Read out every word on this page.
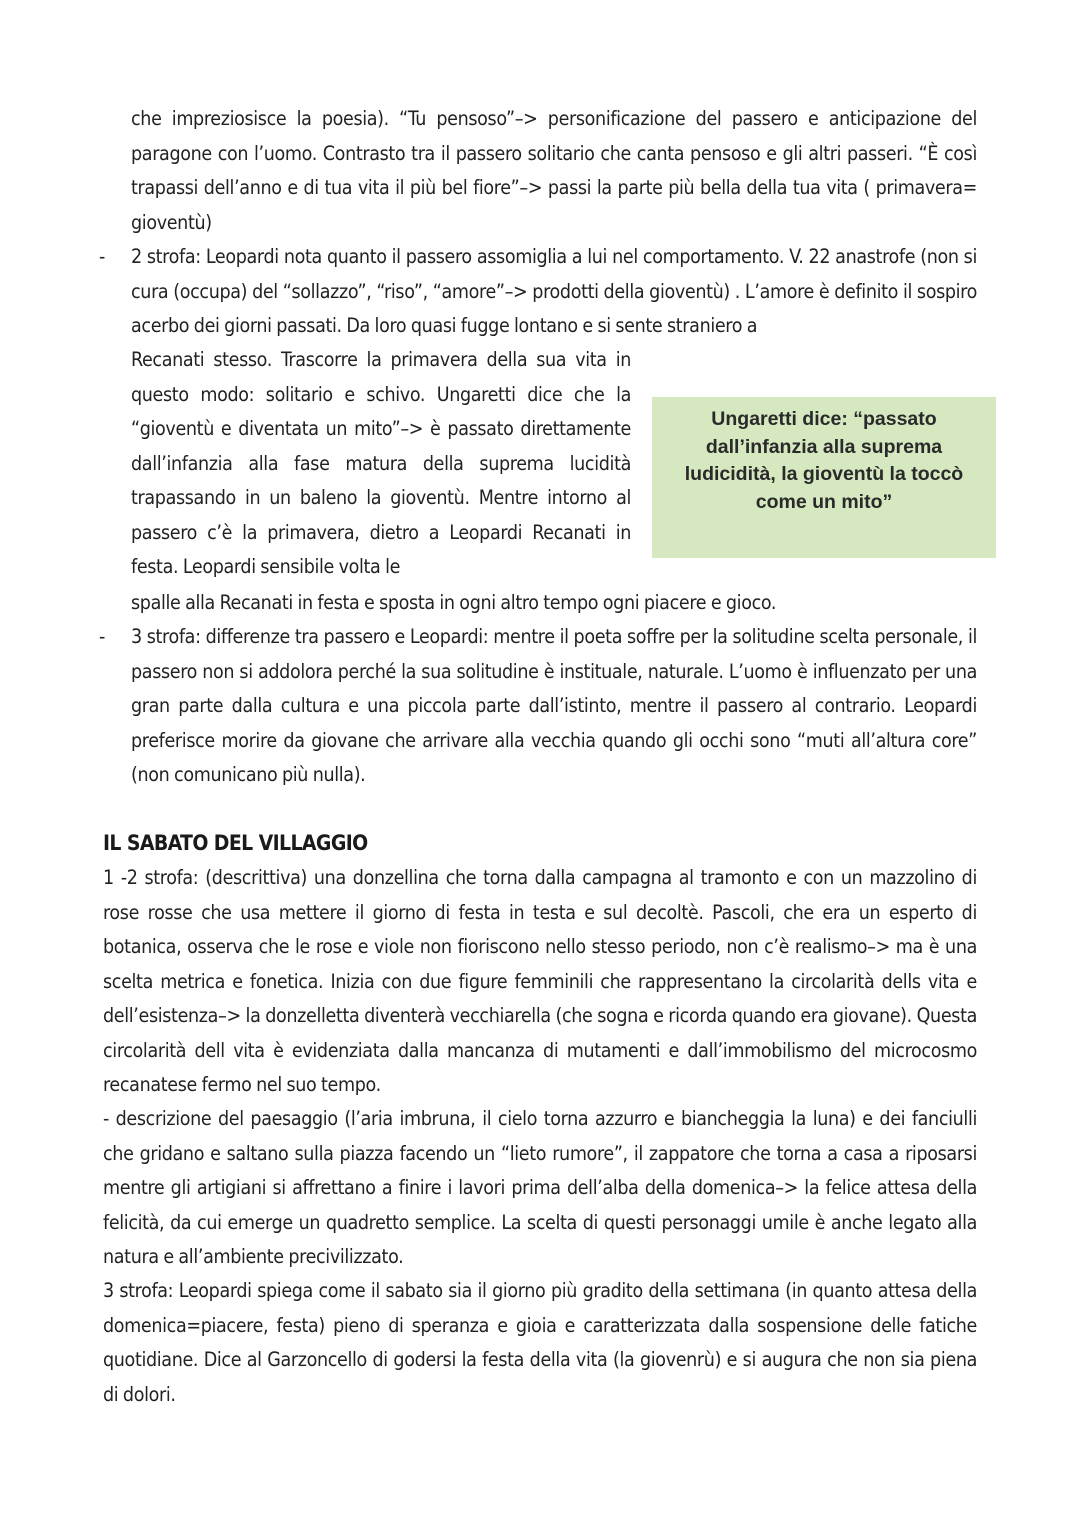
che impreziosisce la poesia). “Tu pensoso”–> personificazione del passero e anticipazione del paragone con l’uomo. Contrasto tra il passero solitario che canta pensoso e gli altri passeri. “È così trapassi dell’anno e di tua vita il più bel fiore”–> passi la parte più bella della tua vita ( primavera= gioventù)
- 2 strofa: Leopardi nota quanto il passero assomiglia a lui nel comportamento. V. 22 anastrofe (non si cura (occupa) del “sollazzo”, “riso”, “amore”–> prodotti della gioventù) . L’amore è definito il sospiro acerbo dei giorni passati. Da loro quasi fugge lontano e si sente straniero a
Recanati stesso. Trascorre la primavera della sua vita in questo modo: solitario e schivo. Ungaretti dice che la “gioventù e diventata un mito”–> è passato direttamente dall’infanzia alla fase matura della suprema lucidità trapassando in un baleno la gioventù. Mentre intorno al passero c’è la primavera, dietro a Leopardi Recanati in festa. Leopardi sensibile volta le
spalle alla Recanati in festa e sposta in ogni altro tempo ogni piacere e gioco.
Ungaretti dice: “passato dall’infanzia alla suprema ludicidità, la gioventù la toccò come un mito”
- 3 strofa: differenze tra passero e Leopardi: mentre il poeta soffre per la solitudine scelta personale, il passero non si addolora perché la sua solitudine è instituale, naturale. L’uomo è influenzato per una gran parte dalla cultura e una piccola parte dall’istinto, mentre il passero al contrario. Leopardi preferisce morire da giovane che arrivare alla vecchia quando gli occhi sono “muti all’altura core” (non comunicano più nulla).
IL SABATO DEL VILLAGGIO
1 -2 strofa: (descrittiva) una donzellina che torna dalla campagna al tramonto e con un mazzolino di rose rosse che usa mettere il giorno di festa in testa e sul decoltè. Pascoli, che era un esperto di botanica, osserva che le rose e viole non fioriscono nello stesso periodo, non c’è realismo–> ma è una scelta metrica e fonetica. Inizia con due figure femminili che rappresentano la circolarità dells vita e dell’esistenza–> la donzelletta diventerà vecchiarella (che sogna e ricorda quando era giovane). Questa circolarità dell vita è evidenziata dalla mancanza di mutamenti e dall’immobilismo del microcosmo recanatese fermo nel suo tempo.
- descrizione del paesaggio (l’aria imbruna, il cielo torna azzurro e biancheggia la luna) e dei fanciulli che gridano e saltano sulla piazza facendo un “lieto rumore”, il zappatore che torna a casa a riposarsi mentre gli artigiani si affrettano a finire i lavori prima dell’alba della domenica–> la felice attesa della felicità, da cui emerge un quadretto semplice. La scelta di questi personaggi umile è anche legato alla natura e all’ambiente precivilizzato.
3 strofa: Leopardi spiega come il sabato sia il giorno più gradito della settimana (in quanto attesa della domenica=piacere, festa) pieno di speranza e gioia e caratterizzata dalla sospensione delle fatiche quotidiane. Dice al Garzoncello di godersi la festa della vita (la giovenrù) e si augura che non sia piena di dolori.
